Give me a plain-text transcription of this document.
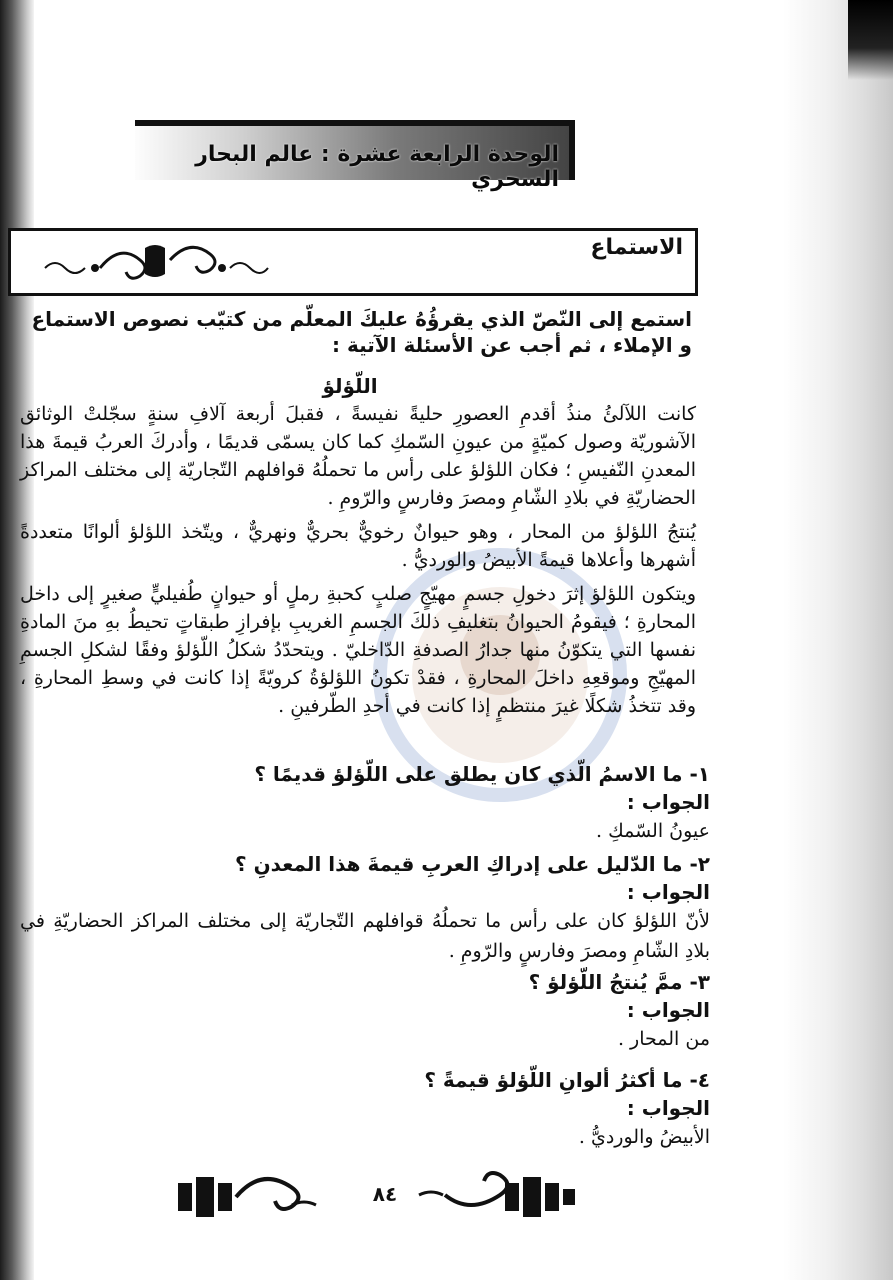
الوحدة الرابعة عشرة : عالم البحار السحري
الاستماع
استمع إلى النّصّ الذي يقرؤُهُ عليكَ المعلّم من كتيّب نصوص الاستماع و الإملاء ، ثم أجب عن الأسئلة الآتية :
اللّؤلؤ
كانت اللآلئُ منذُ أقدمِ العصورِ حليةً نفيسةً ، فقبلَ أربعة آلافِ سنةٍ سجّلتْ الوثائق الآشوريّة وصول كميّةٍ من عيونِ السّمكِ كما كان يسمّى قديمًا ، وأدركَ العربُ قيمةَ هذا المعدنِ النّفيسِ ؛ فكان اللؤلؤ على رأس ما تحملُهُ قوافلهم التّجاريّة إلى مختلف المراكز الحضاريّةِ في بلادِ الشّامِ ومصرَ وفارسٍ والرّومِ .
يُنتجُ اللؤلؤ من المحار ، وهو حيوانٌ رخويٌّ بحريٌّ ونهريٌّ ، ويتّخذ اللؤلؤ ألوانًا متعددةً أشهرها وأعلاها قيمةً الأبيضُ والورديُّ .
ويتكون اللؤلؤ إثرَ دخولِ جسمٍ مهيّجٍ صلبٍ كحبةِ رملٍ أو حيوانٍ طُفيليٍّ صغيرٍ إلى داخل المحارةِ ؛ فيقومُ الحيوانُ بتغليفِ ذلكَ الجسمِ الغريبِ بإفرازِ طبقاتٍ تحيطُ بهِ منَ المادةِ نفسها التي يتكوّنُ منها جدارُ الصدفةِ الدّاخليّ . ويتحدّدُ شكلُ اللّؤلؤ وفقًا لشكلِ الجسمِ المهيّجِ وموقعِهِ داخلَ المحارةِ ، فقدْ تكونُ اللؤلؤةُ كرويّةً إذا كانت في وسطِ المحارةِ ، وقد تتخذُ شكلًا غيرَ منتظمٍ إذا كانت في أحدِ الطّرفينِ .
١- ما الاسمُ الّذي كان يطلق على اللّؤلؤ قديمًا ؟
الجواب :
عيونُ السّمكِ .
٢- ما الدّليل على إدراكِ العربِ قيمةَ هذا المعدنِ ؟
الجواب :
لأنّ اللؤلؤ كان على رأس ما تحملُهُ قوافلهم التّجاريّة إلى مختلف المراكز الحضاريّةِ في بلادِ الشّامِ ومصرَ وفارسٍ والرّومِ .
٣- ممَّ يُنتجُ اللّؤلؤ ؟
الجواب :
من المحار .
٤- ما أكثرُ ألوانِ اللّؤلؤ قيمةً ؟
الجواب :
الأبيضُ والورديُّ .
٨٤
